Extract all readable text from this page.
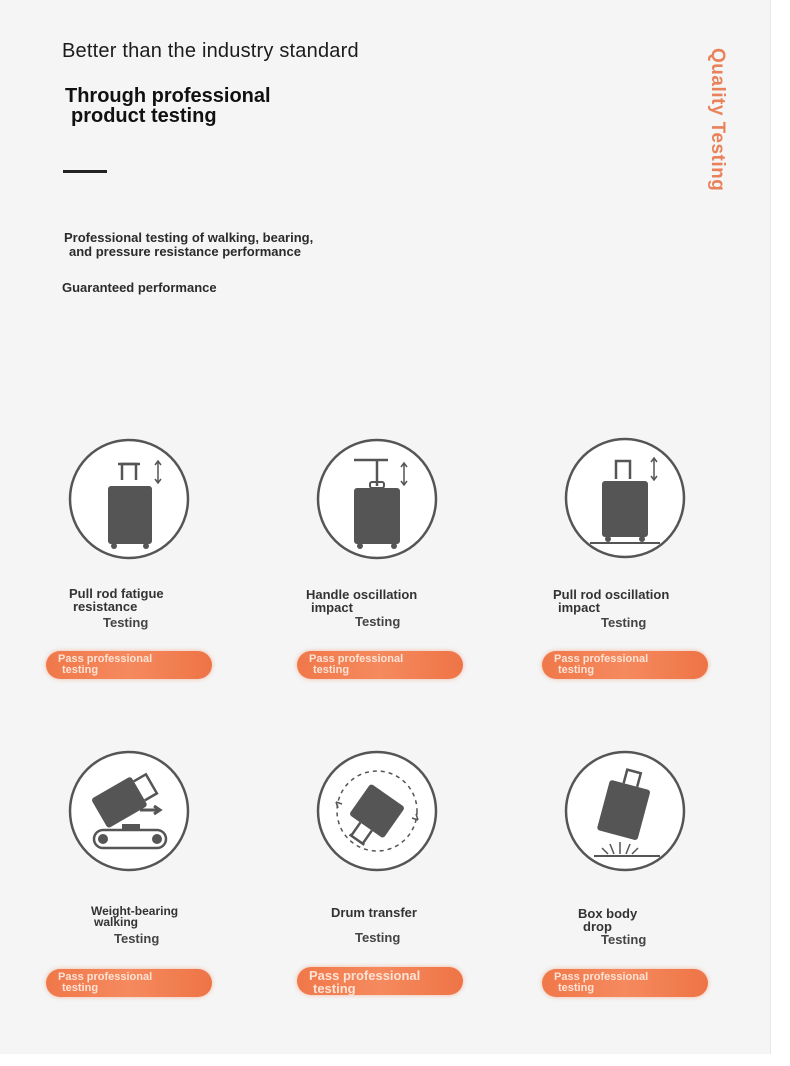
Better than the industry standard
Through professional
product testing	Quality Testing
Professional testing of walking, bearing,
and pressure resistance performance
Guaranteed performance
Pull rod fatigue
resistance
Testing
Pass professional
testing
Handle oscillation
impact
Testing
Pass professional
testing
Pull rod oscillation
impact
Testing
Pass professional
testing
Weight-bearing
walking
Testing
Pass professional
testing
Drum transfer
Testing
Pass professional
testing
Box body
drop
Testing
Pass professional
testing
